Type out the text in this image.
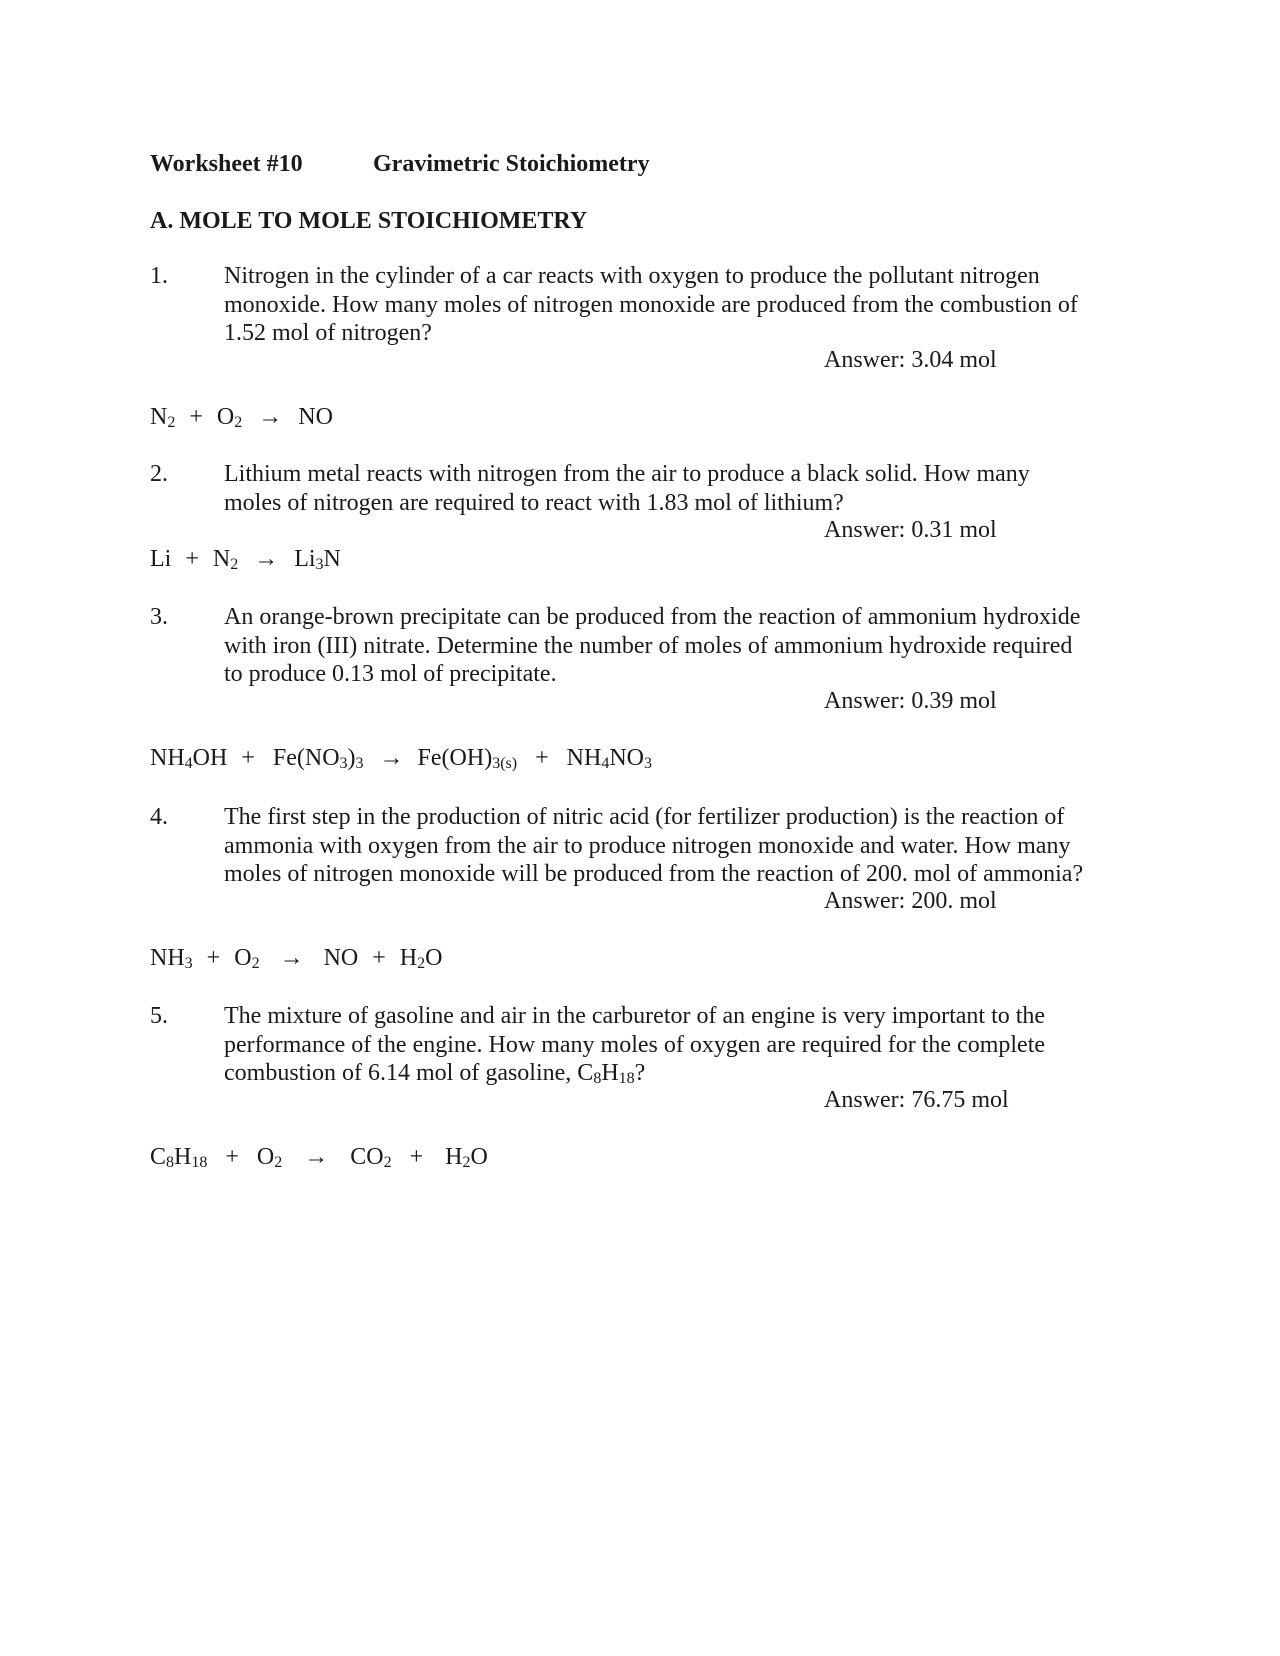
Worksheet #10	Gravimetric Stoichiometry
A. MOLE TO MOLE STOICHIOMETRY
1. Nitrogen in the cylinder of a car reacts with oxygen to produce the pollutant nitrogen
monoxide. How many moles of nitrogen monoxide are produced from the combustion of
1.52 mol of nitrogen?
Answer: 3.04 mol
$N_2 + O_2$ → NO
2. Lithium metal reacts with nitrogen from the air to produce a black solid. How many
moles of nitrogen are required to react with 1.83 mol of lithium?
Answer: 0.31 mol
$Li + N_2 \to Li_3N$
3. An orange-brown precipitate can be produced from the reaction of ammonium hydroxide
with iron (III) nitrate. Determine the number of moles of ammonium hydroxide required
to produce 0.13 mol of precipitate.
Answer: 0.39 mol
$NH_4OH + Fe(NO_3)_3 \to Fe(OH)_{3(s)} + NH_4NO_3$
4. The first step in the production of nitric acid (for fertilizer production) is the reaction of
ammonia with oxygen from the air to produce nitrogen monoxide and water. How many
moles of nitrogen monoxide will be produced from the reaction of 200. mol of ammonia?
Answer: 200. mol
$NH_3 + O_2$ → NO + $H_2O$
5. The mixture of gasoline and air in the carburetor of an engine is very important to the
performance of the engine. How many moles of oxygen are required for the complete
combustion of 6.14 mol of gasoline, $C_8H_{18}$?
Answer: 76.75 mol
$C_8H_{18} + O_2 \to CO_2 + H_2O$
